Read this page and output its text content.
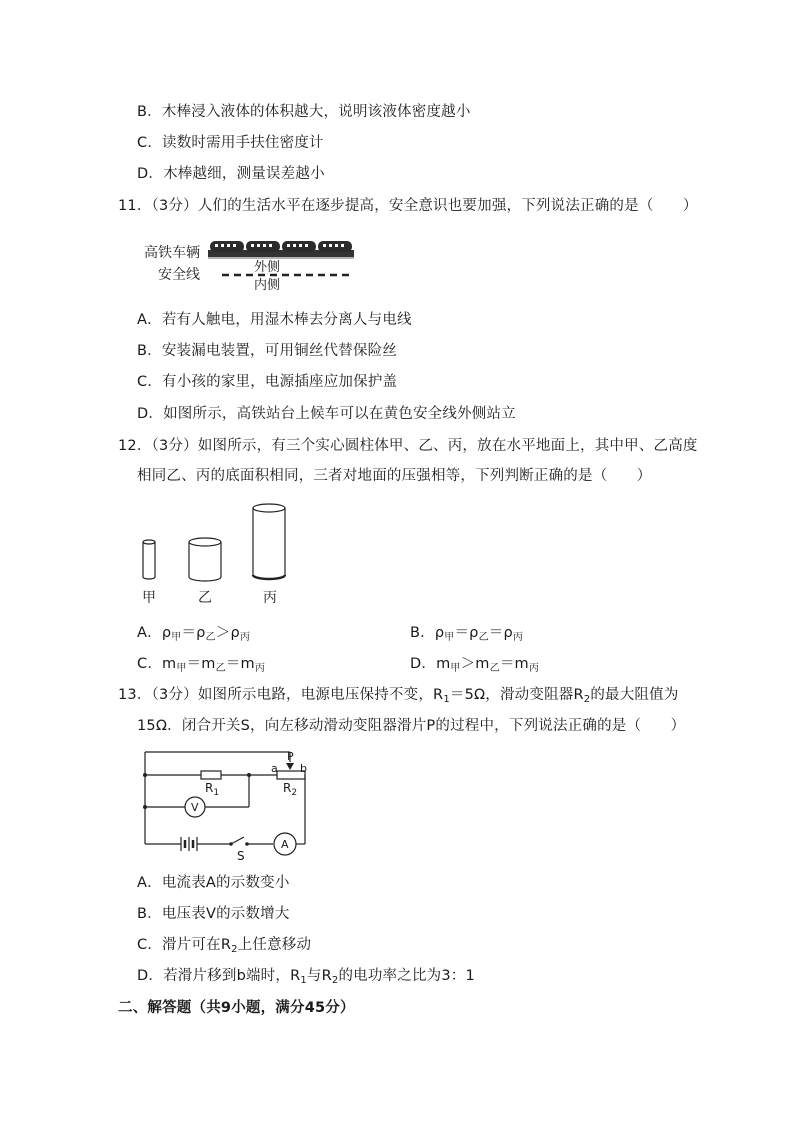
B．木棒浸入液体的体积越大，说明该液体密度越小
C．读数时需用手扶住密度计
D．木棒越细，测量误差越小
11．（3分）人们的生活水平在逐步提高，安全意识也要加强，下列说法正确的是（　　）
高铁车辆
安全线	外侧
内侧
A．若有人触电，用湿木棒去分离人与电线
B．安装漏电装置，可用铜丝代替保险丝
C．有小孩的家里，电源插座应加保护盖
D．如图所示，高铁站台上候车可以在黄色安全线外侧站立
12．（3分）如图所示，有三个实心圆柱体甲、乙、丙，放在水平地面上，其中甲、乙高度
相同乙、丙的底面积相同，三者对地面的压强相等，下列判断正确的是（　　）
甲	乙	丙
A．$\rho_甲=\rho_乙>\rho_丙$	B．$\rho_甲=\rho_乙=\rho_丙$
C．$m_甲=m_乙=m_丙$	D．$m_甲>m_乙=m_丙$
13．（3分）如图所示电路，电源电压保持不变，$R_1=5\Omega$，滑动变阻器$R_2$的最大阻值为
15Ω．闭合开关S，向左移动滑动变阻器滑片P的过程中，下列说法正确的是（　　）
P
a b
$R_1$	$R_2$
V
A
S
A．电流表A的示数变小
B．电压表V的示数增大
C．滑片可在$R_2$上任意移动
D．若滑片移到b端时，$R_1$与$R_2$的电功率之比为3：1
二、解答题（共9小题，满分45分）
